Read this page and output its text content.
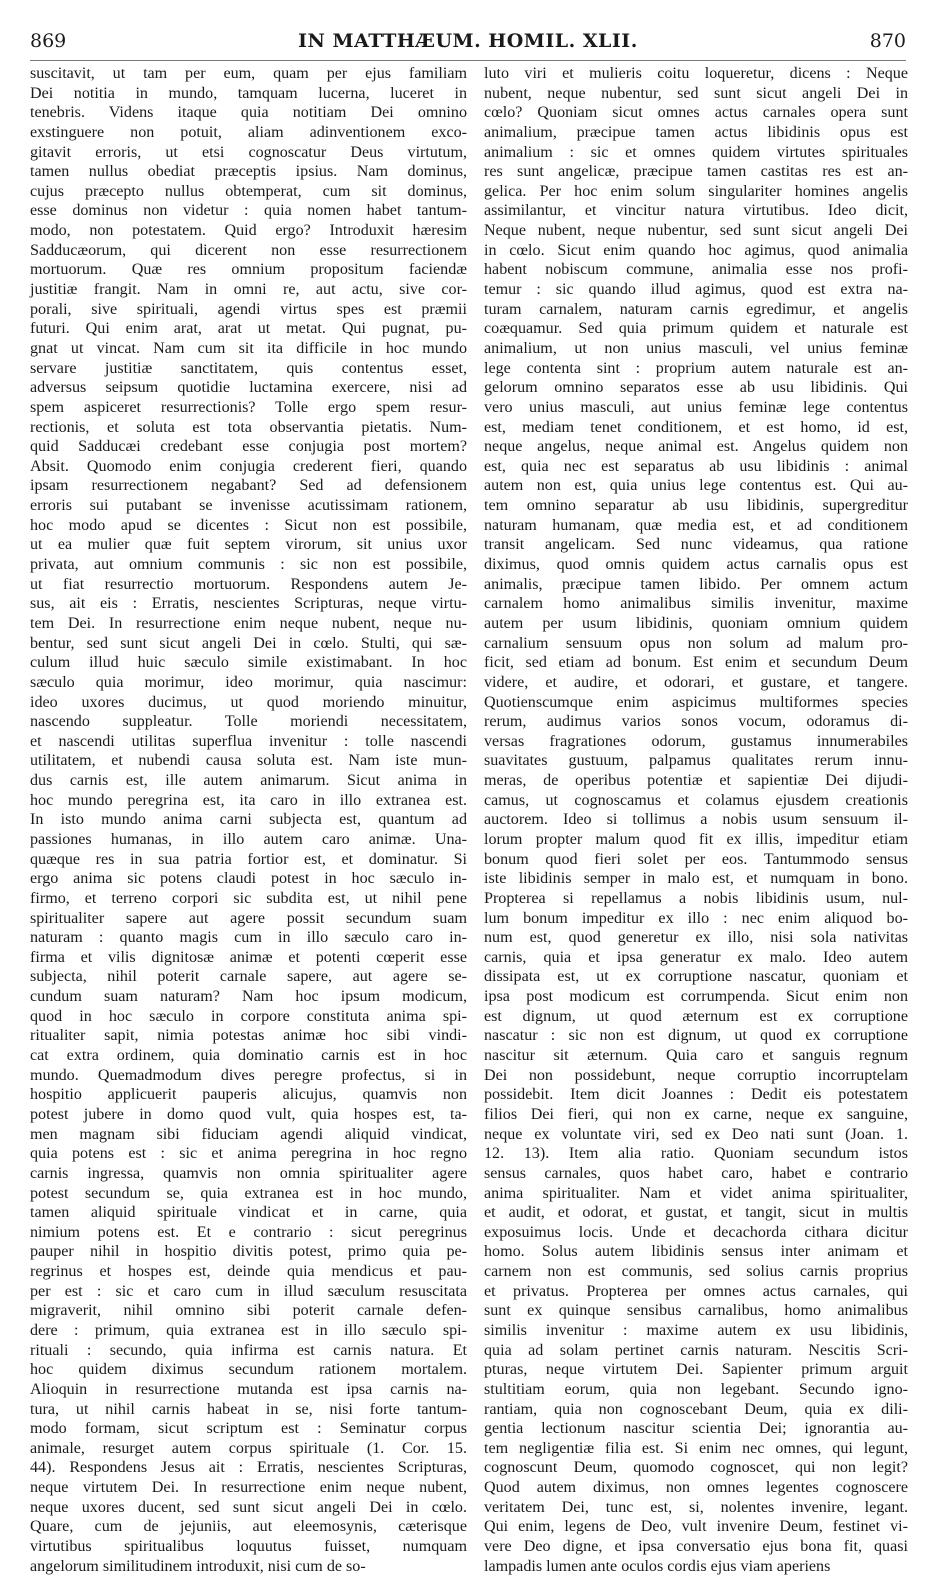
869	IN MATTHÆUM. HOMIL. XLII.	870
suscitavit, ut tam per eum, quam per ejus familiam
Dei notitia in mundo, tamquam lucerna, luceret in
tenebris. Videns itaque quia notitiam Dei omnino
exstinguere non potuit, aliam adinventionem exco-
gitavit erroris, ut etsi cognoscatur Deus virtutum,
tamen nullus obediat præceptis ipsius. Nam dominus,
cujus præcepto nullus obtemperat, cum sit dominus,
esse dominus non videtur : quia nomen habet tantum-
modo, non potestatem. Quid ergo? Introduxit hæresim
Sadducæorum, qui dicerent non esse resurrectionem
mortuorum. Quæ res omnium propositum faciendæ
justitiæ frangit. Nam in omni re, aut actu, sive cor-
porali, sive spirituali, agendi virtus spes est præmii
futuri. Qui enim arat, arat ut metat. Qui pugnat, pu-
gnat ut vincat. Nam cum sit ita difficile in hoc mundo
servare justitiæ sanctitatem, quis contentus esset,
adversus seipsum quotidie luctamina exercere, nisi ad
spem aspiceret resurrectionis? Tolle ergo spem resur-
rectionis, et soluta est tota observantia pietatis. Num-
quid Sadducæi credebant esse conjugia post mortem?
Absit. Quomodo enim conjugia crederent fieri, quando
ipsam resurrectionem negabant? Sed ad defensionem
erroris sui putabant se invenisse acutissimam rationem,
hoc modo apud se dicentes : Sicut non est possibile,
ut ea mulier quæ fuit septem virorum, sit unius uxor
privata, aut omnium communis : sic non est possibile,
ut fiat resurrectio mortuorum. Respondens autem Je-
sus, ait eis : Erratis, nescientes Scripturas, neque virtu-
tem Dei. In resurrectione enim neque nubent, neque nu-
bentur, sed sunt sicut angeli Dei in cœlo. Stulti, qui sæ-
culum illud huic sæculo simile existimabant. In hoc
sæculo quia morimur, ideo morimur, quia nascimur:
ideo uxores ducimus, ut quod moriendo minuitur,
nascendo suppleatur. Tolle moriendi necessitatem,
et nascendi utilitas superflua invenitur : tolle nascendi
utilitatem, et nubendi causa soluta est. Nam iste mun-
dus carnis est, ille autem animarum. Sicut anima in
hoc mundo peregrina est, ita caro in illo extranea est.
In isto mundo anima carni subjecta est, quantum ad
passiones humanas, in illo autem caro animæ. Una-
quæque res in sua patria fortior est, et dominatur. Si
ergo anima sic potens claudi potest in hoc sæculo in-
firmo, et terreno corpori sic subdita est, ut nihil pene
spiritualiter sapere aut agere possit secundum suam
naturam : quanto magis cum in illo sæculo caro in-
firma et vilis dignitosæ animæ et potenti cœperit esse
subjecta, nihil poterit carnale sapere, aut agere se-
cundum suam naturam? Nam hoc ipsum modicum,
quod in hoc sæculo in corpore constituta anima spi-
ritualiter sapit, nimia potestas animæ hoc sibi vindi-
cat extra ordinem, quia dominatio carnis est in hoc
mundo. Quemadmodum dives peregre profectus, si in
hospitio applicuerit pauperis alicujus, quamvis non
potest jubere in domo quod vult, quia hospes est, ta-
men magnam sibi fiduciam agendi aliquid vindicat,
quia potens est : sic et anima peregrina in hoc regno
carnis ingressa, quamvis non omnia spiritualiter agere
potest secundum se, quia extranea est in hoc mundo,
tamen aliquid spirituale vindicat et in carne, quia
nimium potens est. Et e contrario : sicut peregrinus
pauper nihil in hospitio divitis potest, primo quia pe-
regrinus et hospes est, deinde quia mendicus et pau-
per est : sic et caro cum in illud sæculum resuscitata
migraverit, nihil omnino sibi poterit carnale defen-
dere : primum, quia extranea est in illo sæculo spi-
rituali : secundo, quia infirma est carnis natura. Et
hoc quidem diximus secundum rationem mortalem.
Alioquin in resurrectione mutanda est ipsa carnis na-
tura, ut nihil carnis habeat in se, nisi forte tantum-
modo formam, sicut scriptum est : Seminatur corpus
animale, resurget autem corpus spirituale (1. Cor. 15.
44). Respondens Jesus ait : Erratis, nescientes Scripturas,
neque virtutem Dei. In resurrectione enim neque nubent,
neque uxores ducent, sed sunt sicut angeli Dei in cœlo.
Quare, cum de jejuniis, aut eleemosynis, cæterisque
virtutibus spiritualibus loquutus fuisset, numquam
angelorum similitudinem introduxit, nisi cum de so-
luto viri et mulieris coitu loqueretur, dicens : Neque
nubent, neque nubentur, sed sunt sicut angeli Dei in
cœlo? Quoniam sicut omnes actus carnales opera sunt
animalium, præcipue tamen actus libidinis opus est
animalium : sic et omnes quidem virtutes spirituales
res sunt angelicæ, præcipue tamen castitas res est an-
gelica. Per hoc enim solum singulariter homines angelis
assimilantur, et vincitur natura virtutibus. Ideo dicit,
Neque nubent, neque nubentur, sed sunt sicut angeli Dei
in cœlo. Sicut enim quando hoc agimus, quod animalia
habent nobiscum commune, animalia esse nos profi-
temur : sic quando illud agimus, quod est extra na-
turam carnalem, naturam carnis egredimur, et angelis
coæquamur. Sed quia primum quidem et naturale est
animalium, ut non unius masculi, vel unius feminæ
lege contenta sint : proprium autem naturale est an-
gelorum omnino separatos esse ab usu libidinis. Qui
vero unius masculi, aut unius feminæ lege contentus
est, mediam tenet conditionem, et est homo, id est,
neque angelus, neque animal est. Angelus quidem non
est, quia nec est separatus ab usu libidinis : animal
autem non est, quia unius lege contentus est. Qui au-
tem omnino separatur ab usu libidinis, supergreditur
naturam humanam, quæ media est, et ad conditionem
transit angelicam. Sed nunc videamus, qua ratione
diximus, quod omnis quidem actus carnalis opus est
animalis, præcipue tamen libido. Per omnem actum
carnalem homo animalibus similis invenitur, maxime
autem per usum libidinis, quoniam omnium quidem
carnalium sensuum opus non solum ad malum pro-
ficit, sed etiam ad bonum. Est enim et secundum Deum
videre, et audire, et odorari, et gustare, et tangere.
Quotienscumque enim aspicimus multiformes species
rerum, audimus varios sonos vocum, odoramus di-
versas fragrationes odorum, gustamus innumerabiles
suavitates gustuum, palpamus qualitates rerum innu-
meras, de operibus potentiæ et sapientiæ Dei dijudi-
camus, ut cognoscamus et colamus ejusdem creationis
auctorem. Ideo si tollimus a nobis usum sensuum il-
lorum propter malum quod fit ex illis, impeditur etiam
bonum quod fieri solet per eos. Tantummodo sensus
iste libidinis semper in malo est, et numquam in bono.
Propterea si repellamus a nobis libidinis usum, nul-
lum bonum impeditur ex illo : nec enim aliquod bo-
num est, quod generetur ex illo, nisi sola nativitas
carnis, quia et ipsa generatur ex malo. Ideo autem
dissipata est, ut ex corruptione nascatur, quoniam et
ipsa post modicum est corrumpenda. Sicut enim non
est dignum, ut quod æternum est ex corruptione
nascatur : sic non est dignum, ut quod ex corruptione
nascitur sit æternum. Quia caro et sanguis regnum
Dei non possidebunt, neque corruptio incorruptelam
possidebit. Item dicit Joannes : Dedit eis potestatem
filios Dei fieri, qui non ex carne, neque ex sanguine,
neque ex voluntate viri, sed ex Deo nati sunt (Joan. 1.
12. 13). Item alia ratio. Quoniam secundum istos
sensus carnales, quos habet caro, habet e contrario
anima spiritualiter. Nam et videt anima spiritualiter,
et audit, et odorat, et gustat, et tangit, sicut in multis
exposuimus locis. Unde et decachorda cithara dicitur
homo. Solus autem libidinis sensus inter animam et
carnem non est communis, sed solius carnis proprius
et privatus. Propterea per omnes actus carnales, qui
sunt ex quinque sensibus carnalibus, homo animalibus
similis invenitur : maxime autem ex usu libidinis,
quia ad solam pertinet carnis naturam. Nescitis Scri-
pturas, neque virtutem Dei. Sapienter primum arguit
stultitiam eorum, quia non legebant. Secundo igno-
rantiam, quia non cognoscebant Deum, quia ex dili-
gentia lectionum nascitur scientia Dei; ignorantia au-
tem negligentiæ filia est. Si enim nec omnes, qui legunt,
cognoscunt Deum, quomodo cognoscet, qui non legit?
Quod autem diximus, non omnes legentes cognoscere
veritatem Dei, tunc est, si, nolentes invenire, legant.
Qui enim, legens de Deo, vult invenire Deum, festinet vi-
vere Deo digne, et ipsa conversatio ejus bona fit, quasi
lampadis lumen ante oculos cordis ejus viam aperiens
